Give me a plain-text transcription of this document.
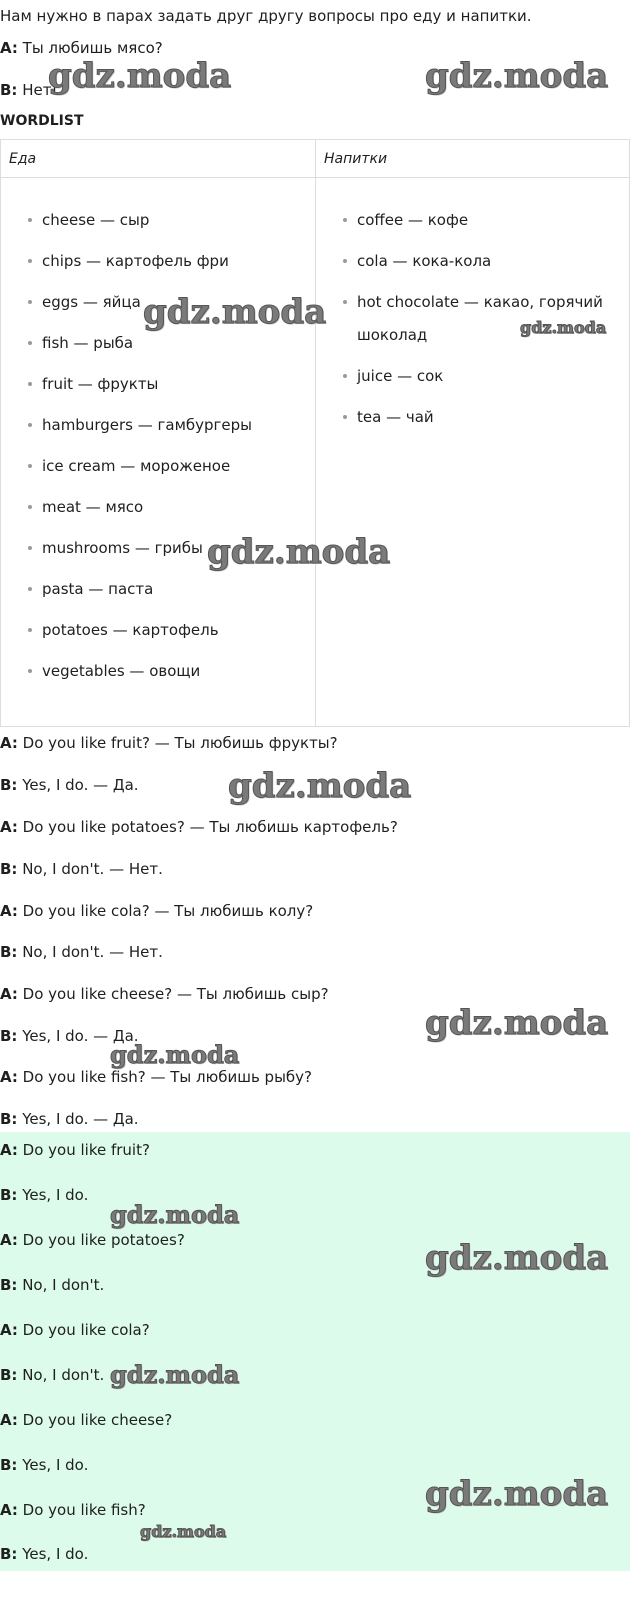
Нам нужно в парах задать друг другу вопросы про еду и напитки.
A: Ты любишь мясо?
B: Нет!
WORDLIST
Еда	Напитки
cheese — сыр
chips — картофель фри
eggs — яйца
fish — рыба
fruit — фрукты
hamburgers — гамбургеры
ice cream — мороженое
meat — мясо
mushrooms — грибы
pasta — паста
potatoes — картофель
vegetables — овощи
coffee — кофе
cola — кока-кола
hot chocolate — какао, горячий
шоколад
juice — сок
tea — чай
A: Do you like fruit? — Ты любишь фрукты?
B: Yes, I do. — Да.
A: Do you like potatoes? — Ты любишь картофель?
B: No, I don't. — Нет.
A: Do you like cola? — Ты любишь колу?
B: No, I don't. — Нет.
A: Do you like cheese? — Ты любишь сыр?
B: Yes, I do. — Да.
A: Do you like fish? — Ты любишь рыбу?
B: Yes, I do. — Да.
A: Do you like fruit?
B: Yes, I do.
A: Do you like potatoes?
B: No, I don't.
A: Do you like cola?
B: No, I don't.
A: Do you like cheese?
B: Yes, I do.
A: Do you like fish?
B: Yes, I do.
gdz.moda	gdz.moda
gdz.moda	gdz.moda
gdz.moda
gdz.moda
gdz.moda
gdz.moda
gdz.moda
gdz.moda
gdz.moda
gdz.moda
gdz.moda
